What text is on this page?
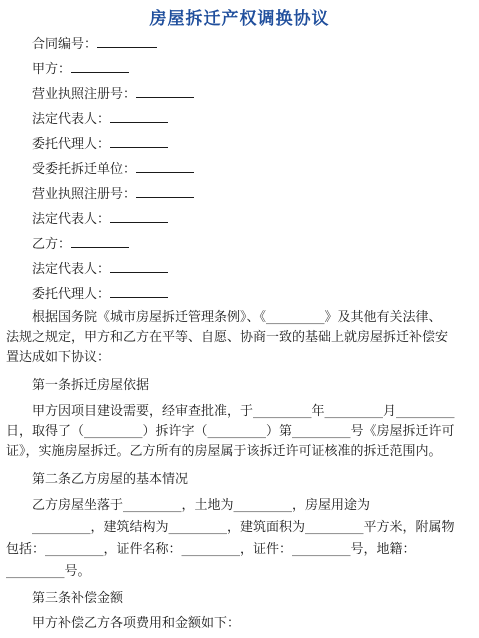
房屋拆迁产权调换协议
合同编号：
甲方：
营业执照注册号：
法定代表人：
委托代理人：
受委托拆迁单位：
营业执照注册号：
法定代表人：
乙方：
法定代表人：
委托代理人：
根据国务院《城市房屋拆迁管理条例》、《_________》及其他有关法律、
法规之规定，甲方和乙方在平等、自愿、协商一致的基础上就房屋拆迁补偿安
置达成如下协议：
第一条拆迁房屋依据
甲方因项目建设需要，经审查批准，于_________年_________月_________
日，取得了（_________）拆许字（_________）第_________号《房屋拆迁许可
证》，实施房屋拆迁。乙方所有的房屋属于该拆迁许可证核准的拆迁范围内。
第二条乙方房屋的基本情况
乙方房屋坐落于_________，土地为_________，房屋用途为
_________，建筑结构为_________，建筑面积为_________平方米，附属物
包括：_________，证件名称：_________，证件：_________号，地籍：
_________号。
第三条补偿金额
甲方补偿乙方各项费用和金额如下：
